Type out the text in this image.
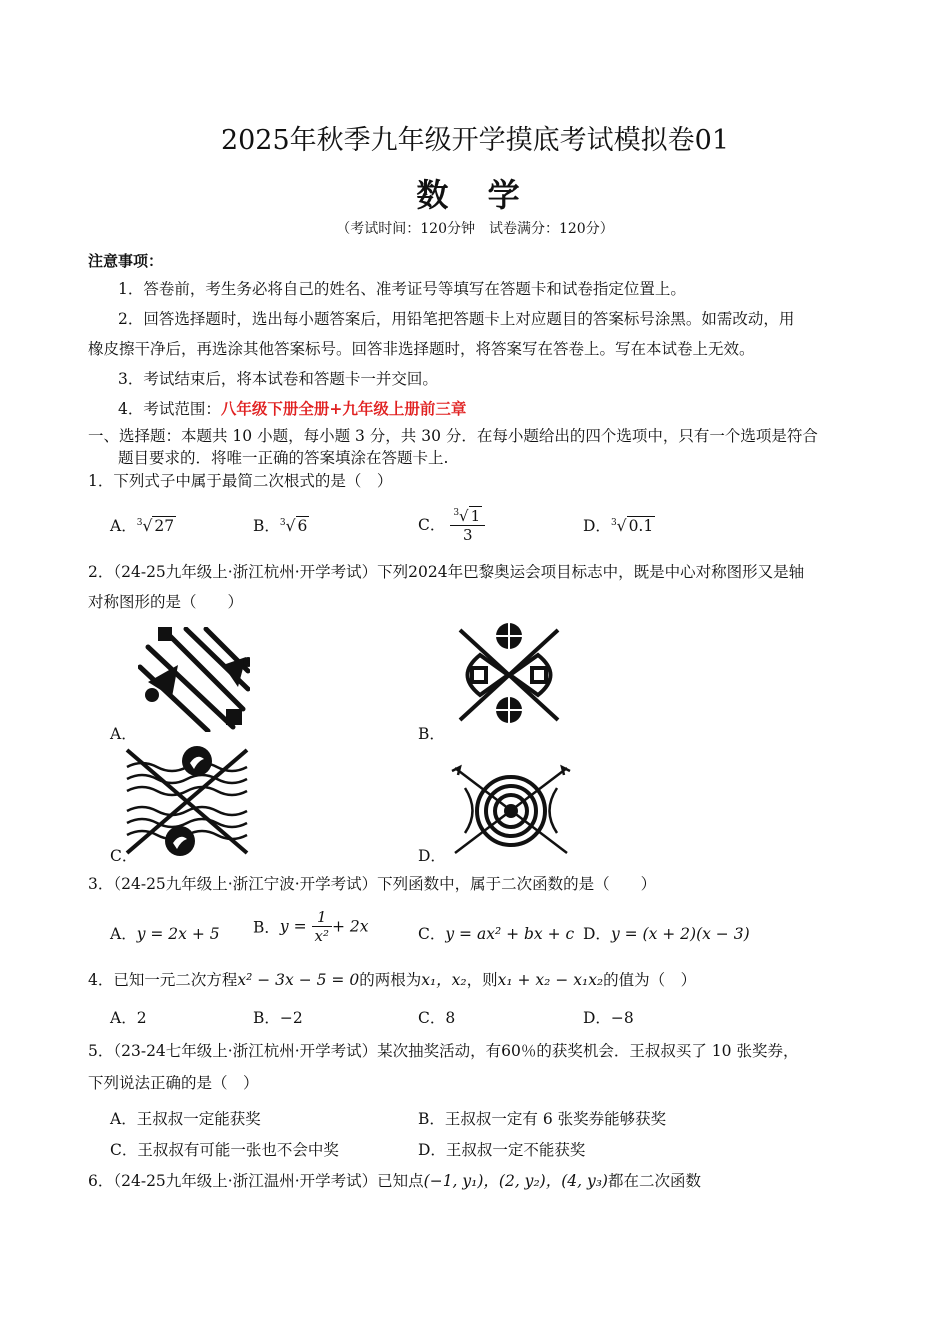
2025年秋季九年级开学摸底考试模拟卷01
数 学
（考试时间：120分钟　试卷满分：120分）
注意事项：
1．答卷前，考生务必将自己的姓名、准考证号等填写在答题卡和试卷指定位置上。
2．回答选择题时，选出每小题答案后，用铅笔把答题卡上对应题目的答案标号涂黑。如需改动，用
橡皮擦干净后，再选涂其他答案标号。回答非选择题时，将答案写在答卷上。写在本试卷上无效。
3．考试结束后，将本试卷和答题卡一并交回。
4．考试范围：八年级下册全册+九年级上册前三章
一、选择题：本题共 10 小题，每小题 3 分，共 30 分．在每小题给出的四个选项中，只有一个选项是符合
题目要求的．将唯一正确的答案填涂在答题卡上.
1．下列式子中属于最简二次根式的是（　）
A．$^3$√ 27	B．$^3$√ 6	C． $\frac{^3√ 1}{3}$	D．$^3$√ 0.1
2．（24-25九年级上·浙江杭州·开学考试）下列2024年巴黎奥运会项目标志中，既是中心对称图形又是轴
对称图形的是（　　）
A．	B．
C．	D．
3．（24-25九年级上·浙江宁波·开学考试）下列函数中，属于二次函数的是（　　）
A．y = 2x + 5 B．$y = \frac{1}{\text{x²}} + 2x$	C．y = ax² + bx + c D．y = (x + 2)(x − 3)
4．已知一元二次方程x² − 3x − 5 = 0的两根为x₁，x₂，则x₁ + x₂ − x₁x₂的值为（　）
A．2	B．−2	C．8	D．−8
5．（23-24七年级上·浙江杭州·开学考试）某次抽奖活动，有60％的获奖机会．王叔叔买了 10 张奖券，
下列说法正确的是（　）
A．王叔叔一定能获奖	B．王叔叔一定有 6 张奖券能够获奖
C．王叔叔有可能一张也不会中奖	D．王叔叔一定不能获奖
6．（24-25九年级上·浙江温州·开学考试）已知点(−1, y₁)，(2, y₂)，(4, y₃)都在二次函数
